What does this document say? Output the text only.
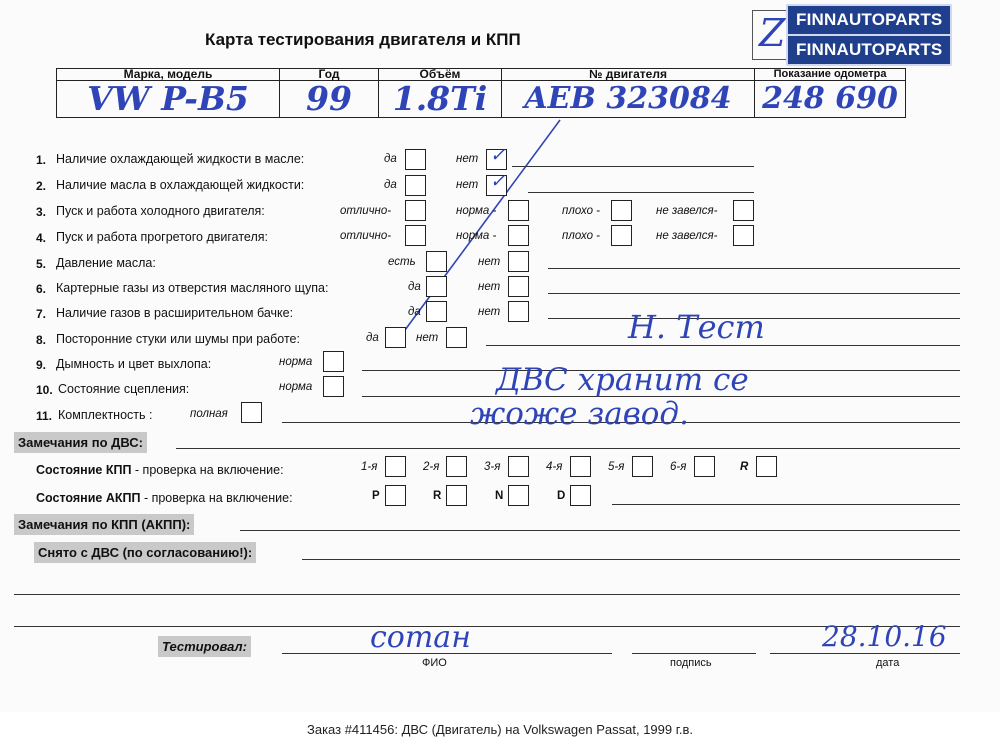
Карта тестирования двигателя и КПП	Z FINNAUTOPARTS
FINNAUTOPARTS
Марка, модель	Год	Объём	№ двигателя	Показание одометра

VW P-B5	99	1.8Ti	AEB 323084	248 690
1. Наличие охлаждающей жидкости в масле:	да	нет ✓
2. Наличие масла в охлаждающей жидкости:	да	нет ✓
3. Пуск и работа холодного двигателя:	отлично-	норма -	плохо -	не завелся-
4. Пуск и работа прогретого двигателя:	отлично-	норма -	плохо -	не завелся-
5. Давление масла:	есть	нет
6. Картерные газы из отверстия масляного щупа:	да	нет
7. Наличие газов в расширительном бачке:	да	нет
8. Посторонние стуки или шумы при работе:	да	нет	Н. Тест
9. Дымность и цвет выхлопа:	норма
10. Состояние сцепления:	норма	ДВС хранит се
11. Комплектность :	полная	жоже завод.
Замечания по ДВС:
Состояние КПП - проверка на включение:	1-я	2-я	3-я	4-я	5-я	6-я	R
Состояние АКПП - проверка на включение:	P	R	N	D
Замечания по КПП (АКПП):
Снято с ДВС (по согласованию!):
Тестировал:	сотан	28.10.16
ФИО	подпись	дата
Заказ #411456: ДВС (Двигатель) на Volkswagen Passat, 1999 г.в.
